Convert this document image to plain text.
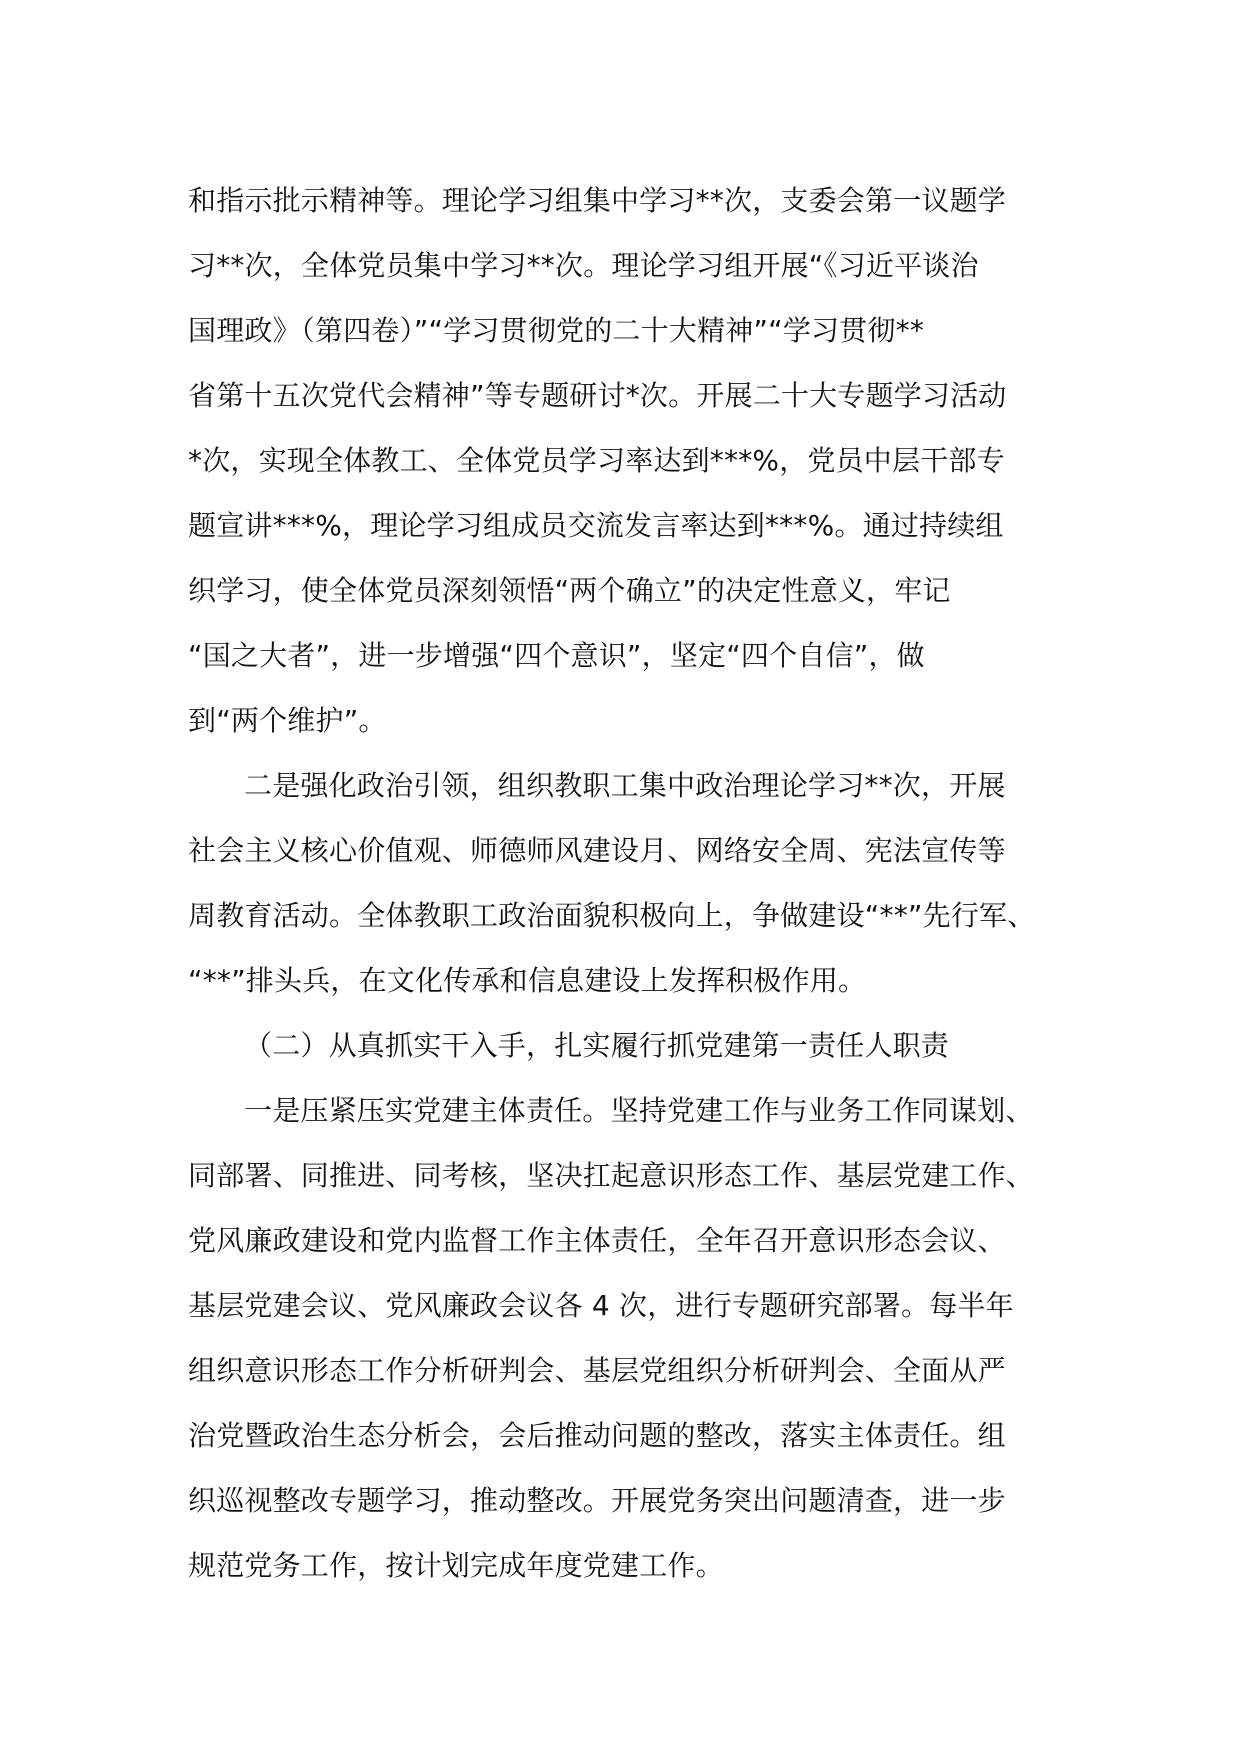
和指示批示精神等。理论学习组集中学习**次，支委会第一议题学
习**次，全体党员集中学习**次。理论学习组开展“《习近平谈治
国理政》（第四卷）”“学习贯彻党的二十大精神”“学习贯彻**
省第十五次党代会精神”等专题研讨*次。开展二十大专题学习活动
*次，实现全体教工、全体党员学习率达到***%，党员中层干部专
题宣讲***%，理论学习组成员交流发言率达到***%。通过持续组
织学习，使全体党员深刻领悟“两个确立”的决定性意义，牢记
“国之大者”，进一步增强“四个意识”，坚定“四个自信”，做
到“两个维护”。
二是强化政治引领，组织教职工集中政治理论学习**次，开展
社会主义核心价值观、师德师风建设月、网络安全周、宪法宣传等
周教育活动。全体教职工政治面貌积极向上，争做建设“**”先行军、
“**”排头兵，在文化传承和信息建设上发挥积极作用。
（二）从真抓实干入手，扎实履行抓党建第一责任人职责
一是压紧压实党建主体责任。坚持党建工作与业务工作同谋划、
同部署、同推进、同考核，坚决扛起意识形态工作、基层党建工作、
党风廉政建设和党内监督工作主体责任，全年召开意识形态会议、
基层党建会议、党风廉政会议各 4 次，进行专题研究部署。每半年
组织意识形态工作分析研判会、基层党组织分析研判会、全面从严
治党暨政治生态分析会，会后推动问题的整改，落实主体责任。组
织巡视整改专题学习，推动整改。开展党务突出问题清查，进一步
规范党务工作，按计划完成年度党建工作。
